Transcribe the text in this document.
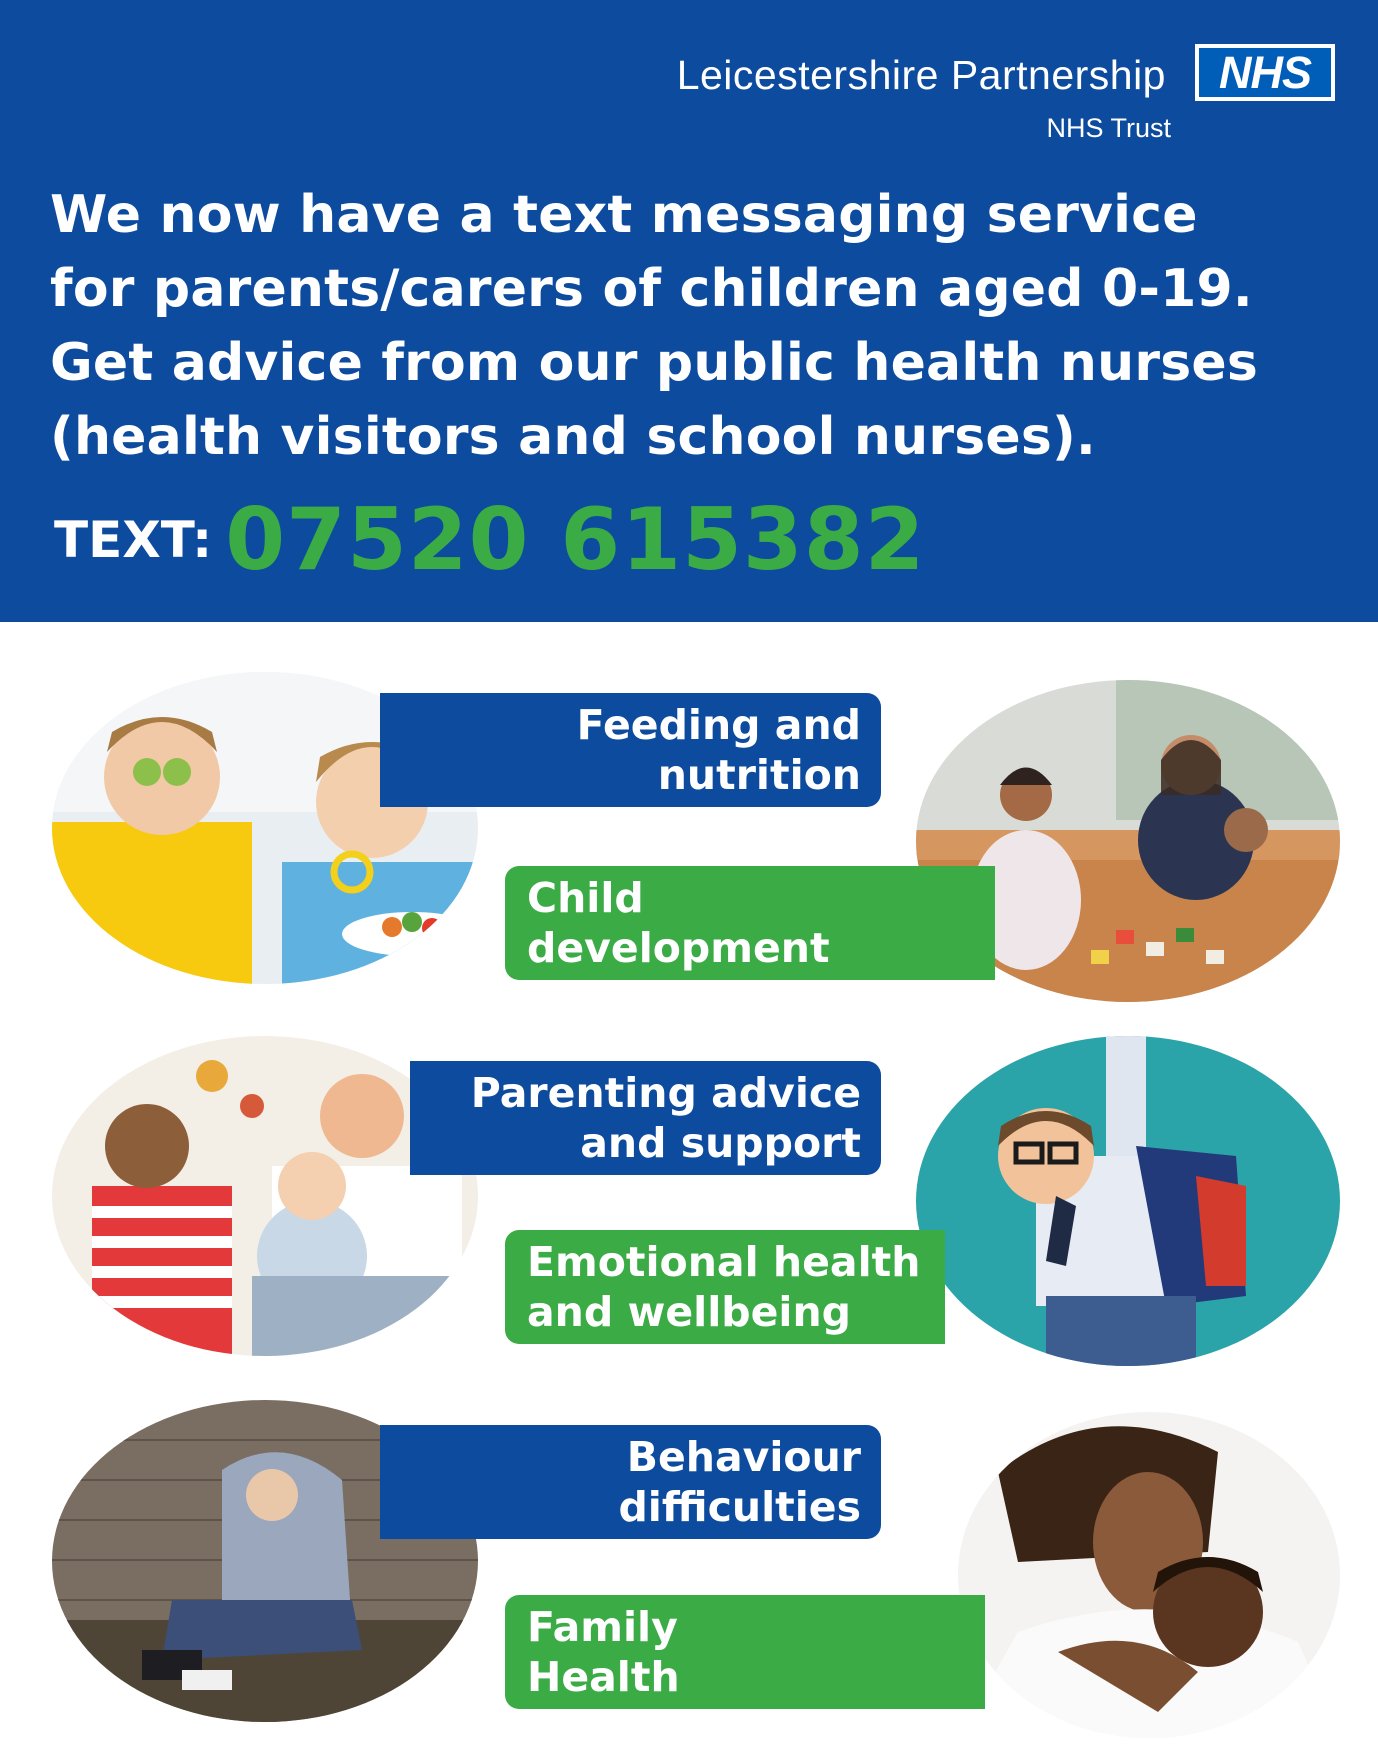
Leicestershire Partnership
NHS Trust
NHS
We now have a text messaging service
for parents/carers of children aged 0-19.
Get advice from our public health nurses
(health visitors and school nurses).
TEXT: 07520 615382
Feeding and
nutrition
Child
development
Parenting advice
and support
Emotional health
and wellbeing
Behaviour
difficulties
Family
Health
